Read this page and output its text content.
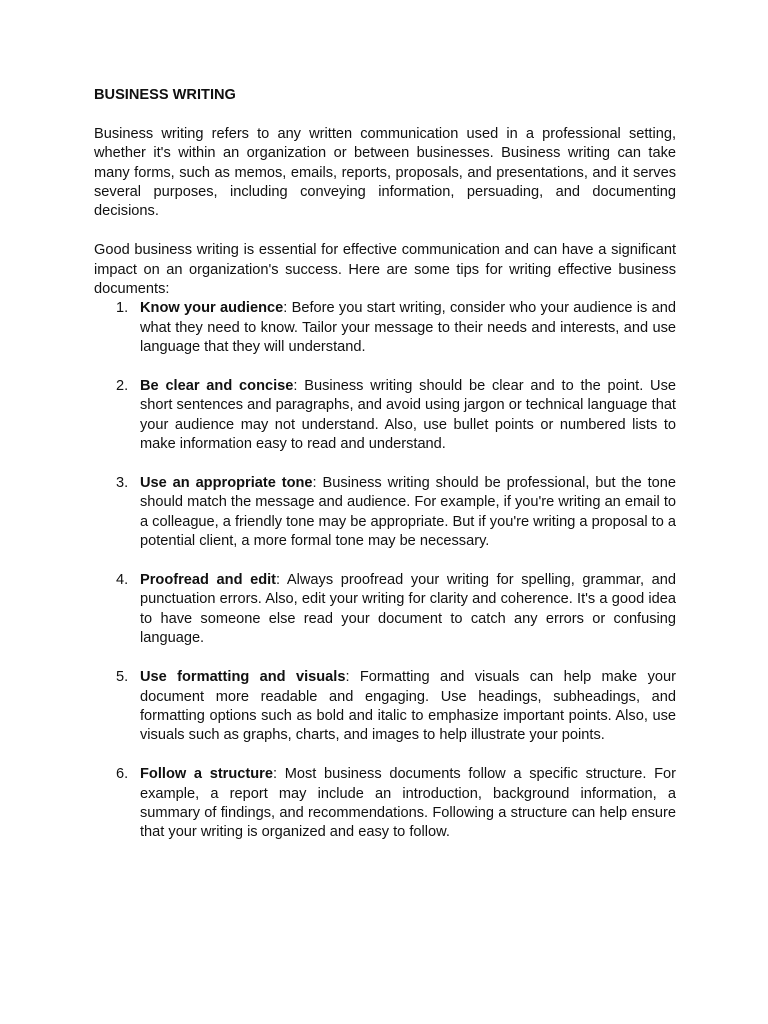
BUSINESS WRITING

Business writing refers to any written communication used in a professional setting, whether it's within an organization or between businesses. Business writing can take many forms, such as memos, emails, reports, proposals, and presentations, and it serves several purposes, including conveying information, persuading, and documenting decisions.

Good business writing is essential for effective communication and can have a significant impact on an organization's success. Here are some tips for writing effective business documents:

1. Know your audience: Before you start writing, consider who your audience is and what they need to know. Tailor your message to their needs and interests, and use language that they will understand.
2. Be clear and concise: Business writing should be clear and to the point. Use short sentences and paragraphs, and avoid using jargon or technical language that your audience may not understand. Also, use bullet points or numbered lists to make information easy to read and understand.
3. Use an appropriate tone: Business writing should be professional, but the tone should match the message and audience. For example, if you're writing an email to a colleague, a friendly tone may be appropriate. But if you're writing a proposal to a potential client, a more formal tone may be necessary.
4. Proofread and edit: Always proofread your writing for spelling, grammar, and punctuation errors. Also, edit your writing for clarity and coherence. It's a good idea to have someone else read your document to catch any errors or confusing language.
5. Use formatting and visuals: Formatting and visuals can help make your document more readable and engaging. Use headings, subheadings, and formatting options such as bold and italic to emphasize important points. Also, use visuals such as graphs, charts, and images to help illustrate your points.
6. Follow a structure: Most business documents follow a specific structure. For example, a report may include an introduction, background information, a summary of findings, and recommendations. Following a structure can help ensure that your writing is organized and easy to follow.
